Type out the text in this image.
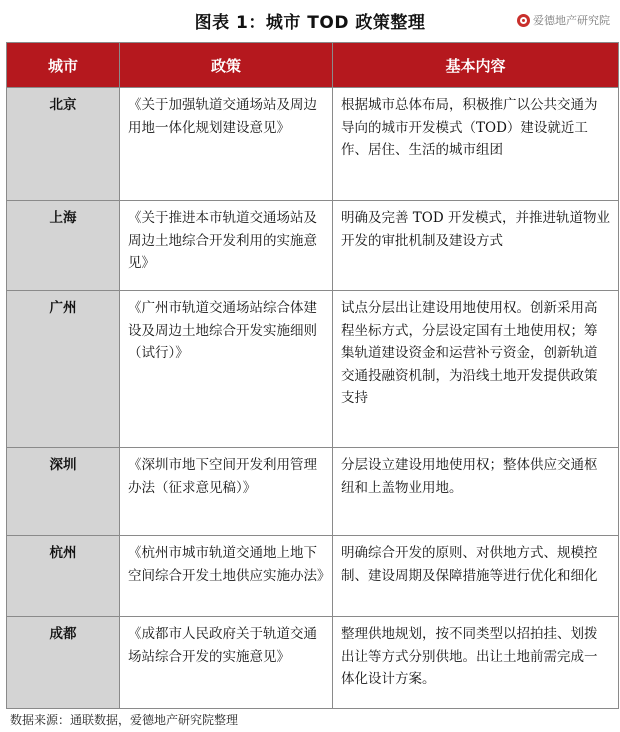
图表 1：城市 TOD 政策整理	爱德地产研究院
城市	政策	基本内容
北京	《关于加强轨道交通场站及周边用地一体化规划建设意见》	根据城市总体布局，积极推广以公共交通为导向的城市开发模式（TOD）建设就近工作、居住、生活的城市组团
上海	《关于推进本市轨道交通场站及周边土地综合开发利用的实施意见》	明确及完善 TOD 开发模式，并推进轨道物业开发的审批机制及建设方式
广州	《广州市轨道交通场站综合体建设及周边土地综合开发实施细则（试行）》	试点分层出让建设用地使用权。创新采用高程坐标方式，分层设定国有土地使用权；筹集轨道建设资金和运营补亏资金，创新轨道交通投融资机制，为沿线土地开发提供政策支持
深圳	《深圳市地下空间开发利用管理办法（征求意见稿）》	分层设立建设用地使用权；整体供应交通枢纽和上盖物业用地。
杭州	《杭州市城市轨道交通地上地下空间综合开发土地供应实施办法》	明确综合开发的原则、对供地方式、规模控制、建设周期及保障措施等进行优化和细化
成都	《成都市人民政府关于轨道交通场站综合开发的实施意见》	整理供地规划，按不同类型以招拍挂、划拨出让等方式分别供地。出让土地前需完成一体化设计方案。
数据来源：通联数据，爱德地产研究院整理
